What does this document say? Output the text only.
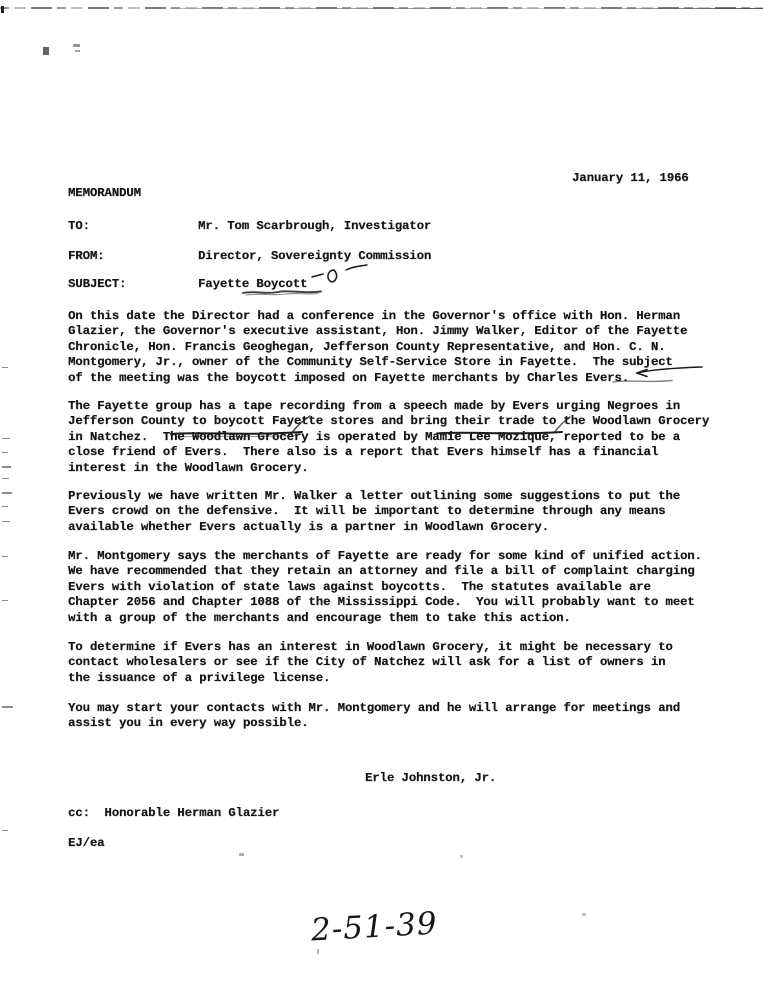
January 11, 1966
MEMORANDUM
TO:	Mr. Tom Scarbrough, Investigator
FROM:	Director, Sovereignty Commission
SUBJECT:	Fayette Boycott
On this date the Director had a conference in the Governor's office with Hon. Herman
Glazier, the Governor's executive assistant, Hon. Jimmy Walker, Editor of the Fayette
Chronicle, Hon. Francis Geoghegan, Jefferson County Representative, and Hon. C. N.
Montgomery, Jr., owner of the Community Self-Service Store in Fayette.  The subject
of the meeting was the boycott imposed on Fayette merchants by Charles Evers.
The Fayette group has a tape recording from a speech made by Evers urging Negroes in
Jefferson County to boycott Fayette stores and bring their trade to the Woodlawn Grocery
in Natchez.  The Woodlawn Grocery is operated by Mamie Lee Mozique, reported to be a
close friend of Evers.  There also is a report that Evers himself has a financial
interest in the Woodlawn Grocery.
Previously we have written Mr. Walker a letter outlining some suggestions to put the
Evers crowd on the defensive.  It will be important to determine through any means
available whether Evers actually is a partner in Woodlawn Grocery.
Mr. Montgomery says the merchants of Fayette are ready for some kind of unified action.
We have recommended that they retain an attorney and file a bill of complaint charging
Evers with violation of state laws against boycotts.  The statutes available are
Chapter 2056 and Chapter 1088 of the Mississippi Code.  You will probably want to meet
with a group of the merchants and encourage them to take this action.
To determine if Evers has an interest in Woodlawn Grocery, it might be necessary to
contact wholesalers or see if the City of Natchez will ask for a list of owners in
the issuance of a privilege license.
You may start your contacts with Mr. Montgomery and he will arrange for meetings and
assist you in every way possible.
Erle Johnston, Jr.
cc:  Honorable Herman Glazier
EJ/ea
2-51-39
